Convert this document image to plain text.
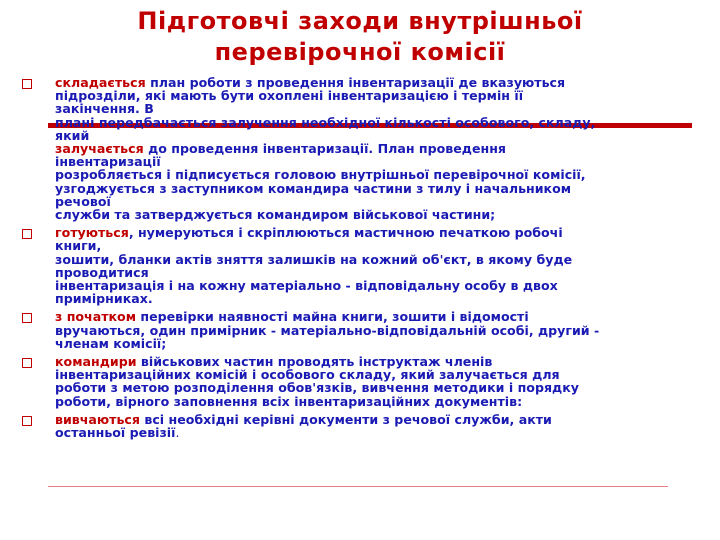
Підготовчі заходи внутрішньої
перевірочної комісії
складається план роботи з проведення інвентаризації де вказуються
підрозділи, які мають бути охоплені інвентаризацією і термін її
закінчення. В
плані передбачається залучення необхідної кількості особового, складу,
який
залучається до проведення інвентаризації. План проведення
інвентаризації
розробляється і підписується головою внутрішньої перевірочної комісії,
узгоджується з заступником командира частини з тилу і начальником
речової
служби та затверджується командиром військової частини;
готуються, нумеруються і скріплюються мастичною печаткою робочі
книги,
зошити, бланки актів зняття залишків на кожний об'єкт, в якому буде
проводитися
інвентаризація і на кожну матеріально - відповідальну особу в двох
примірниках.
з початком перевірки наявності майна книги, зошити і відомості
вручаються, один примірник - матеріально-відповідальній особі, другий -
членам комісії;
командири військових частин проводять інструктаж членів
інвентаризаційних комісій і особового складу, який залучається для
роботи з метою розподілення обов'язків, вивчення методики і порядку
роботи, вірного заповнення всіх інвентаризаційних документів:
вивчаються всі необхідні керівні документи з речової служби, акти
останньої ревізії.
